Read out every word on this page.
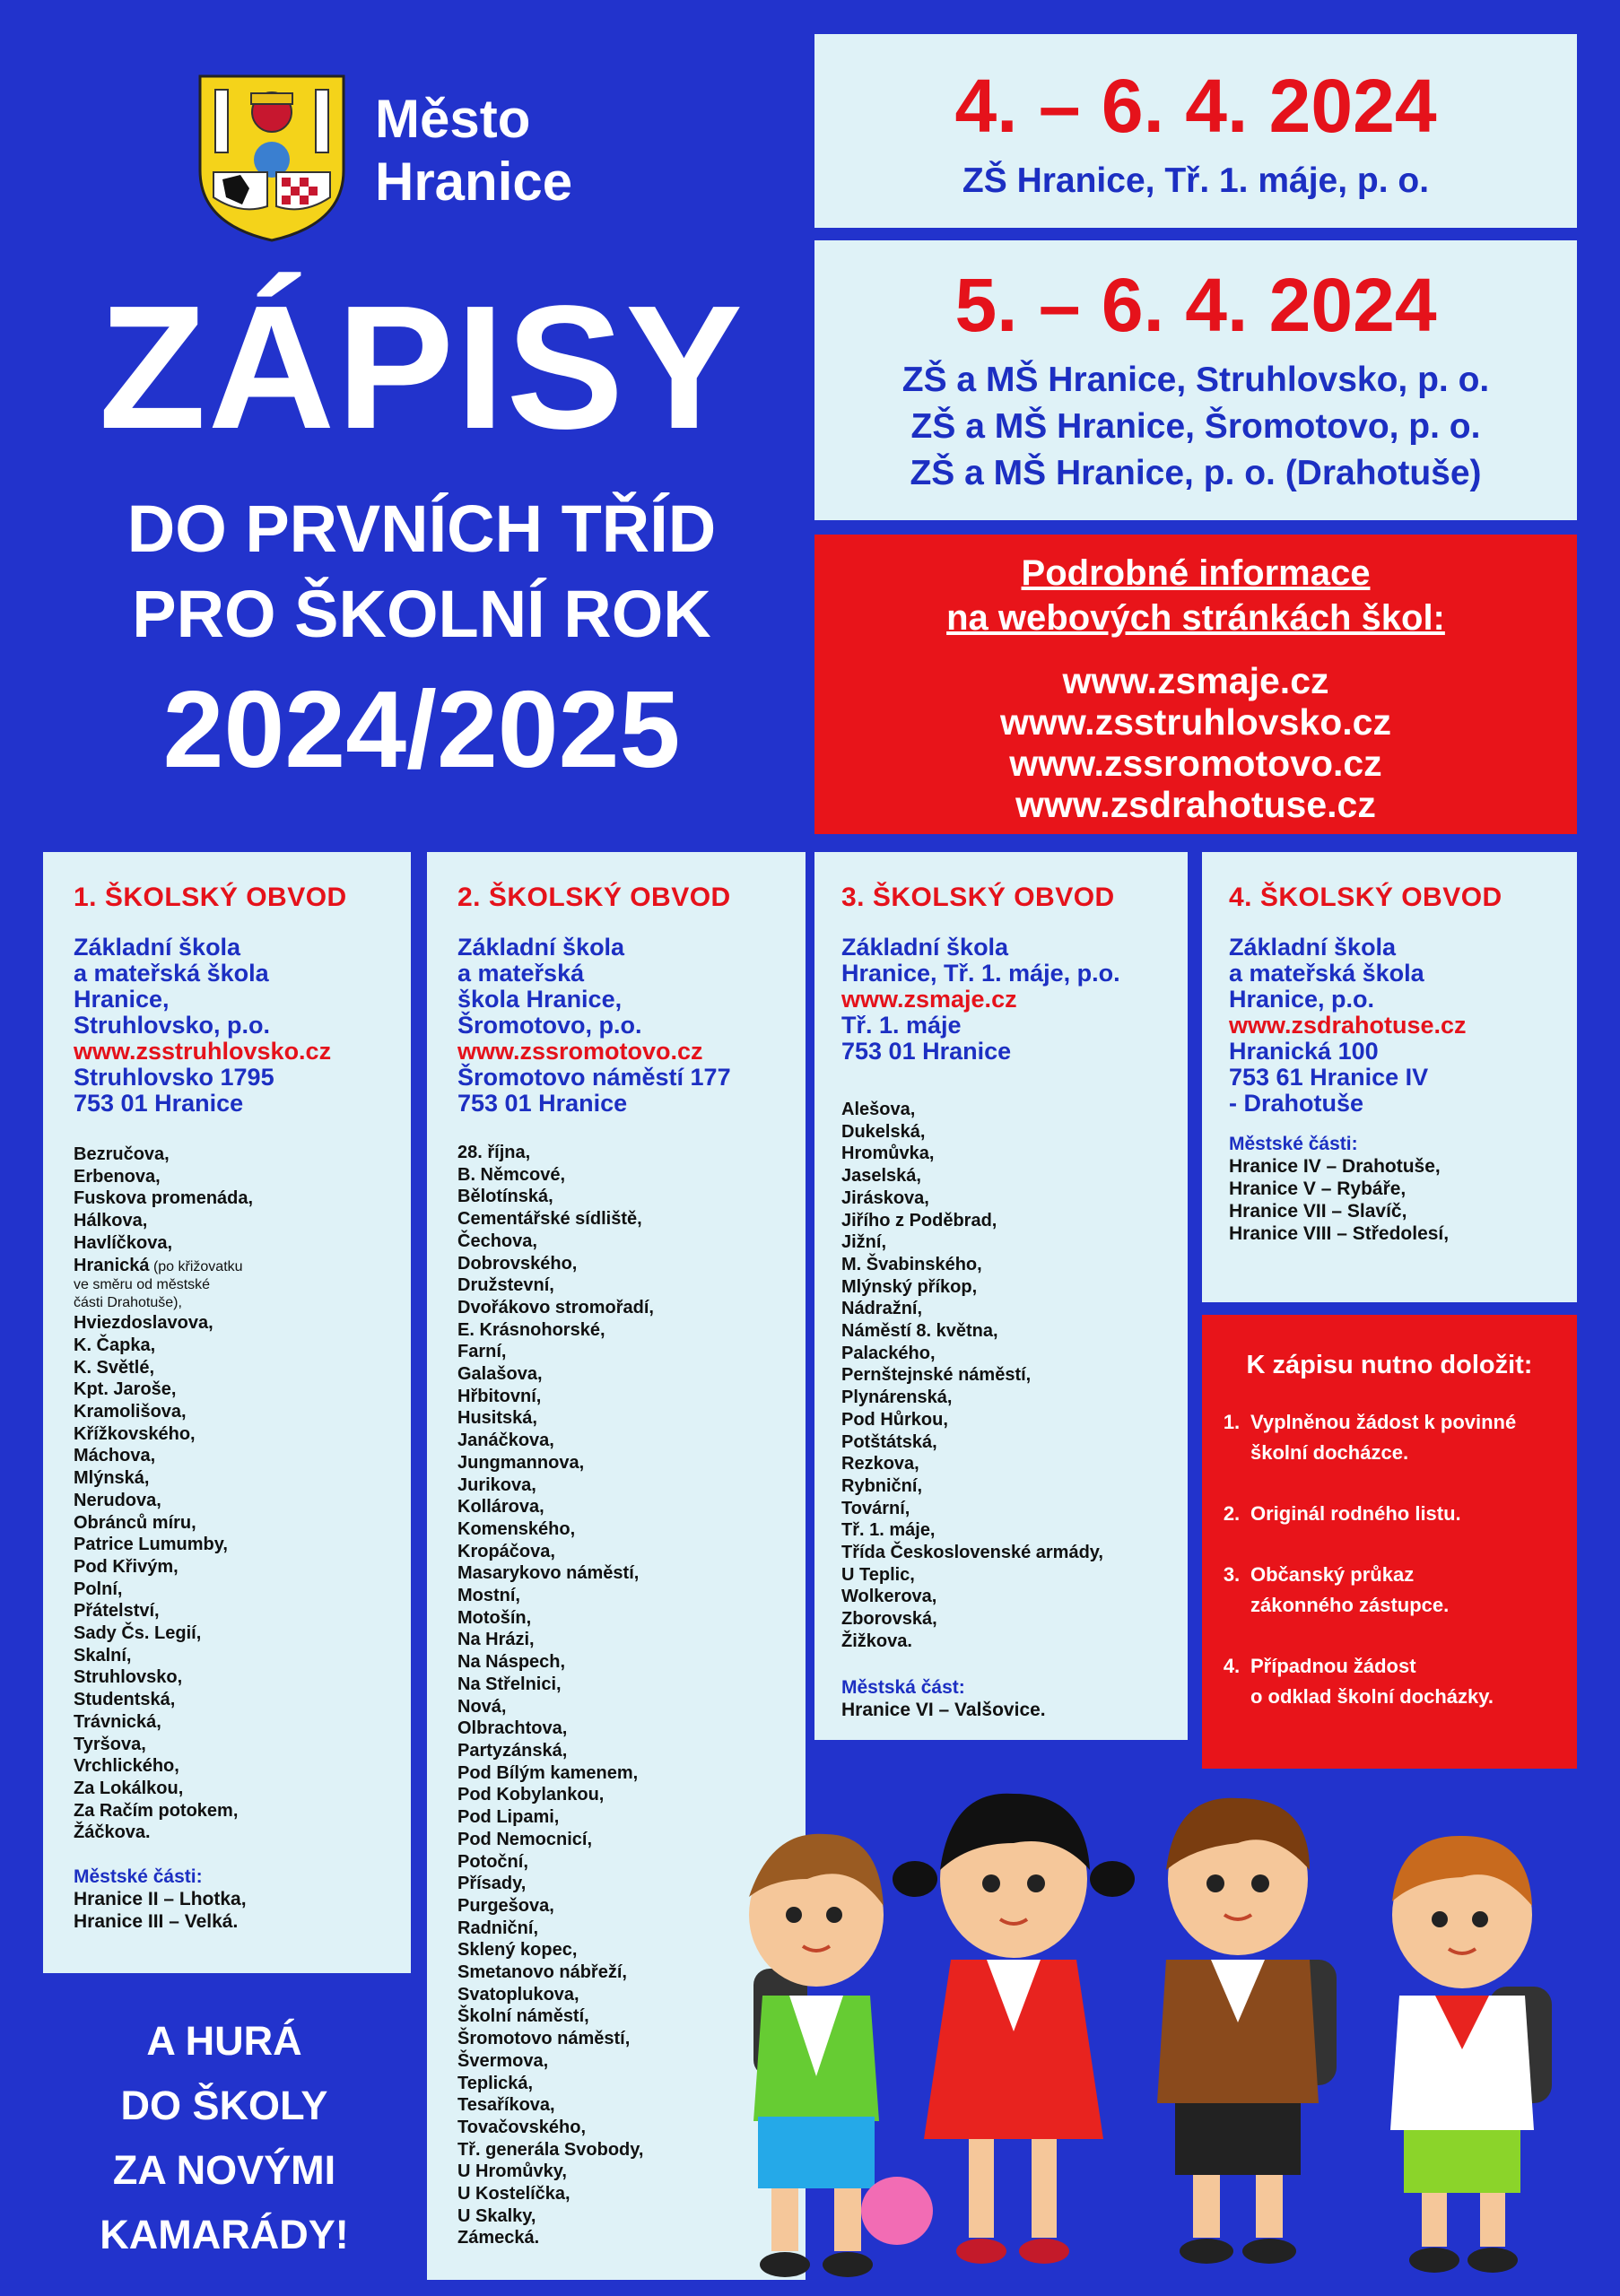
Město
Hranice
ZÁPISY
DO PRVNÍCH TŘÍD
PRO ŠKOLNÍ ROK
2024/2025
4. – 6. 4. 2024
ZŠ Hranice, Tř. 1. máje, p. o.
5. – 6. 4. 2024
ZŠ a MŠ Hranice, Struhlovsko, p. o.
ZŠ a MŠ Hranice, Šromotovo, p. o.
ZŠ a MŠ Hranice, p. o. (Drahotuše)
Podrobné informace
na webových stránkách škol:
www.zsmaje.cz
www.zsstruhlovsko.cz
www.zssromotovo.cz
www.zsdrahotuse.cz
1. ŠKOLSKÝ OBVOD
Základní škola
a mateřská škola
Hranice,
Struhlovsko, p.o.
www.zsstruhlovsko.cz
Struhlovsko 1795
753 01 Hranice
Bezručova,
Erbenova,
Fuskova promenáda,
Hálkova,
Havlíčkova,
Hranická (po křižovatku
ve směru od městské
části Drahotuše),
Hviezdoslavova,
K. Čapka,
K. Světlé,
Kpt. Jaroše,
Kramolišova,
Křížkovského,
Máchova,
Mlýnská,
Nerudova,
Obránců míru,
Patrice Lumumby,
Pod Křivým,
Polní,
Přátelství,
Sady Čs. Legií,
Skalní,
Struhlovsko,
Studentská,
Trávnická,
Tyršova,
Vrchlického,
Za Lokálkou,
Za Račím potokem,
Žáčkova.
Městské části:
Hranice II – Lhotka,
Hranice III – Velká.
2. ŠKOLSKÝ OBVOD
Základní škola
a mateřská
škola Hranice,
Šromotovo, p.o.
www.zssromotovo.cz
Šromotovo náměstí 177
753 01 Hranice
28. října,
B. Němcové,
Bělotínská,
Cementářské sídliště,
Čechova,
Dobrovského,
Družstevní,
Dvořákovo stromořadí,
E. Krásnohorské,
Farní,
Galašova,
Hřbitovní,
Husitská,
Janáčkova,
Jungmannova,
Jurikova,
Kollárova,
Komenského,
Kropáčova,
Masarykovo náměstí,
Mostní,
Motošín,
Na Hrázi,
Na Náspech,
Na Střelnici,
Nová,
Olbrachtova,
Partyzánská,
Pod Bílým kamenem,
Pod Kobylankou,
Pod Lipami,
Pod Nemocnicí,
Potoční,
Přísady,
Purgešova,
Radniční,
Sklený kopec,
Smetanovo nábřeží,
Svatoplukova,
Školní náměstí,
Šromotovo náměstí,
Švermova,
Teplická,
Tesaříkova,
Tovačovského,
Tř. generála Svobody,
U Hromůvky,
U Kostelíčka,
U Skalky,
Zámecká.
3. ŠKOLSKÝ OBVOD
Základní škola
Hranice, Tř. 1. máje, p.o.
www.zsmaje.cz
Tř. 1. máje
753 01 Hranice
Alešova,
Dukelská,
Hromůvka,
Jaselská,
Jiráskova,
Jiřího z Poděbrad,
Jižní,
M. Švabinského,
Mlýnský příkop,
Nádražní,
Náměstí 8. května,
Palackého,
Pernštejnské náměstí,
Plynárenská,
Pod Hůrkou,
Potštátská,
Rezkova,
Rybniční,
Tovární,
Tř. 1. máje,
Třída Československé armády,
U Teplic,
Wolkerova,
Zborovská,
Žižkova.
Městská část:
Hranice VI – Valšovice.
4. ŠKOLSKÝ OBVOD
Základní škola
a mateřská škola
Hranice, p.o.
www.zsdrahotuse.cz
Hranická 100
753 61 Hranice IV
- Drahotuše
Městské části:
Hranice IV – Drahotuše,
Hranice V – Rybáře,
Hranice VII – Slavíč,
Hranice VIII – Středolesí,
K zápisu nutno doložit:
1. Vyplněnou žádost k povinné
školní docházce.
2. Originál rodného listu.
3. Občanský průkaz
zákonného zástupce.
4. Případnou žádost
o odklad školní docházky.
A HURÁ
DO ŠKOLY
ZA NOVÝMI
KAMARÁDY!
